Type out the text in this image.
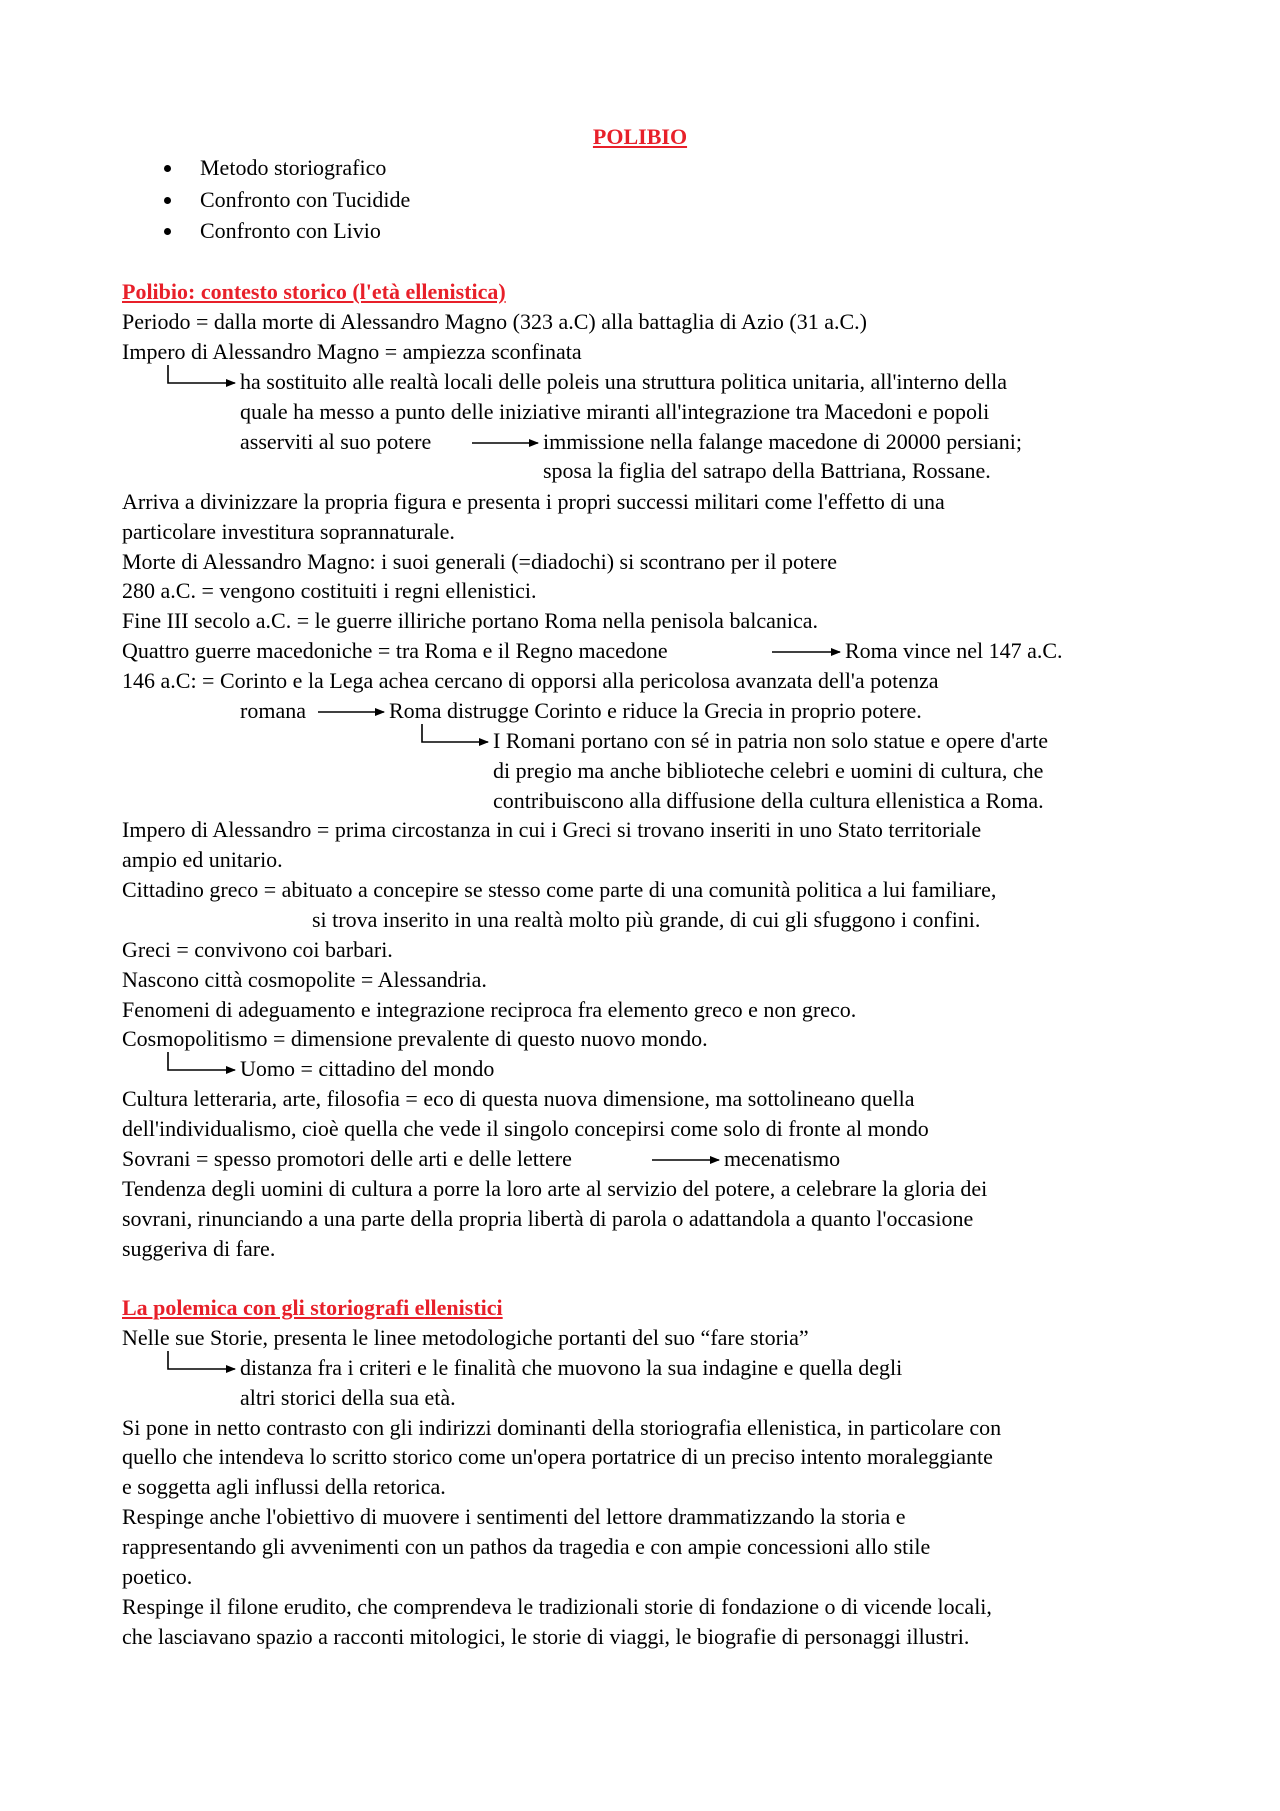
POLIBIO
Metodo storiografico
Confronto con Tucidide
Confronto con Livio
Polibio: contesto storico (l'età ellenistica)
Periodo = dalla morte di Alessandro Magno (323 a.C) alla battaglia di Azio (31 a.C.)
Impero di Alessandro Magno = ampiezza sconfinata
ha sostituito alle realtà locali delle poleis una struttura politica unitaria, all'interno della
quale ha messo a punto delle iniziative miranti all'integrazione tra Macedoni e popoli
asserviti al suo potere	immissione nella falange macedone di 20000 persiani;
sposa la figlia del satrapo della Battriana, Rossane.
Arriva a divinizzare la propria figura e presenta i propri successi militari come l'effetto di una
particolare investitura soprannaturale.
Morte di Alessandro Magno: i suoi generali (=diadochi) si scontrano per il potere
280 a.C. = vengono costituiti i regni ellenistici.
Fine III secolo a.C. = le guerre illiriche portano Roma nella penisola balcanica.
Quattro guerre macedoniche = tra Roma e il Regno macedone	Roma vince nel 147 a.C.
146 a.C: = Corinto e la Lega achea cercano di opporsi alla pericolosa avanzata dell'a potenza
romana	Roma distrugge Corinto e riduce la Grecia in proprio potere.
I Romani portano con sé in patria non solo statue e opere d'arte
di pregio ma anche biblioteche celebri e uomini di cultura, che
contribuiscono alla diffusione della cultura ellenistica a Roma.
Impero di Alessandro = prima circostanza in cui i Greci si trovano inseriti in uno Stato territoriale
ampio ed unitario.
Cittadino greco = abituato a concepire se stesso come parte di una comunità politica a lui familiare,
si trova inserito in una realtà molto più grande, di cui gli sfuggono i confini.
Greci = convivono coi barbari.
Nascono città cosmopolite = Alessandria.
Fenomeni di adeguamento e integrazione reciproca fra elemento greco e non greco.
Cosmopolitismo = dimensione prevalente di questo nuovo mondo.
Uomo = cittadino del mondo
Cultura letteraria, arte, filosofia = eco di questa nuova dimensione, ma sottolineano quella
dell'individualismo, cioè quella che vede il singolo concepirsi come solo di fronte al mondo
Sovrani = spesso promotori delle arti e delle lettere	mecenatismo
Tendenza degli uomini di cultura a porre la loro arte al servizio del potere, a celebrare la gloria dei
sovrani, rinunciando a una parte della propria libertà di parola o adattandola a quanto l'occasione
suggeriva di fare.
La polemica con gli storiografi ellenistici
Nelle sue Storie, presenta le linee metodologiche portanti del suo “fare storia”
distanza fra i criteri e le finalità che muovono la sua indagine e quella degli
altri storici della sua età.
Si pone in netto contrasto con gli indirizzi dominanti della storiografia ellenistica, in particolare con
quello che intendeva lo scritto storico come un'opera portatrice di un preciso intento moraleggiante
e soggetta agli influssi della retorica.
Respinge anche l'obiettivo di muovere i sentimenti del lettore drammatizzando la storia e
rappresentando gli avvenimenti con un pathos da tragedia e con ampie concessioni allo stile
poetico.
Respinge il filone erudito, che comprendeva le tradizionali storie di fondazione o di vicende locali,
che lasciavano spazio a racconti mitologici, le storie di viaggi, le biografie di personaggi illustri.
